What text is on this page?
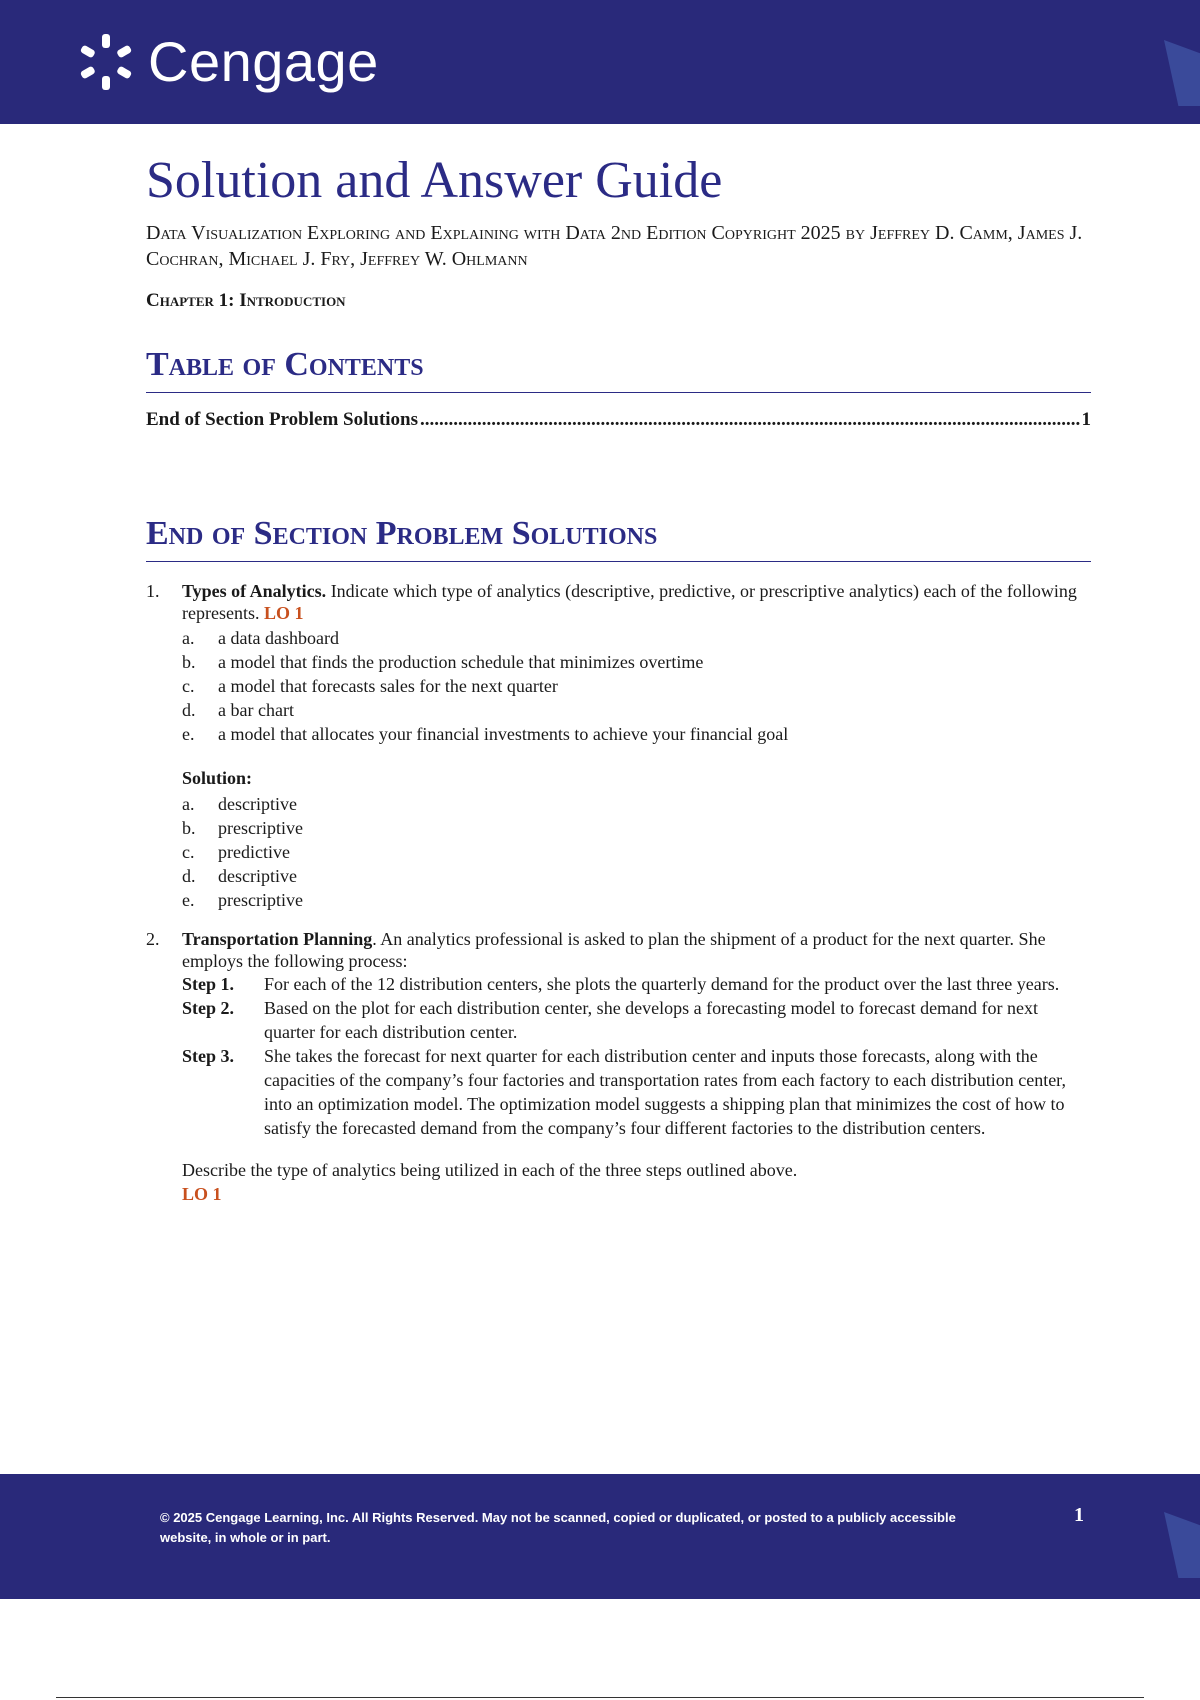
Cengage
Solution and Answer Guide
Data Visualization Exploring and Explaining with Data 2nd Edition Copyright 2025 by Jeffrey D. Camm, James J. Cochran, Michael J. Fry, Jeffrey W. Ohlmann
Chapter 1: Introduction
Table of Contents
End of Section Problem Solutions
.....	1
End of Section Problem Solutions
1.	Types of Analytics. Indicate which type of analytics (descriptive, predictive, or prescriptive analytics) each of the following represents. LO 1
a.	a data dashboard
b.	a model that finds the production schedule that minimizes overtime
c.	a model that forecasts sales for the next quarter
d.	a bar chart
e.	a model that allocates your financial investments to achieve your financial goal
Solution:
a.	descriptive
b.	prescriptive
c.	predictive
d.	descriptive
e.	prescriptive
2.	Transportation Planning. An analytics professional is asked to plan the shipment of a product for the next quarter. She employs the following process:
Step 1.	For each of the 12 distribution centers, she plots the quarterly demand for the product over the last three years.
Step 2.	Based on the plot for each distribution center, she develops a forecasting model to forecast demand for next quarter for each distribution center.
Step 3.	She takes the forecast for next quarter for each distribution center and inputs those forecasts, along with the capacities of the company’s four factories and transportation rates from each factory to each distribution center, into an optimization model. The optimization model suggests a shipping plan that minimizes the cost of how to satisfy the forecasted demand from the company’s four different factories to the distribution centers.
Describe the type of analytics being utilized in each of the three steps outlined above. LO 1
© 2025 Cengage Learning, Inc. All Rights Reserved. May not be scanned, copied or duplicated, or posted to a publicly accessible website, in whole or in part.
1
